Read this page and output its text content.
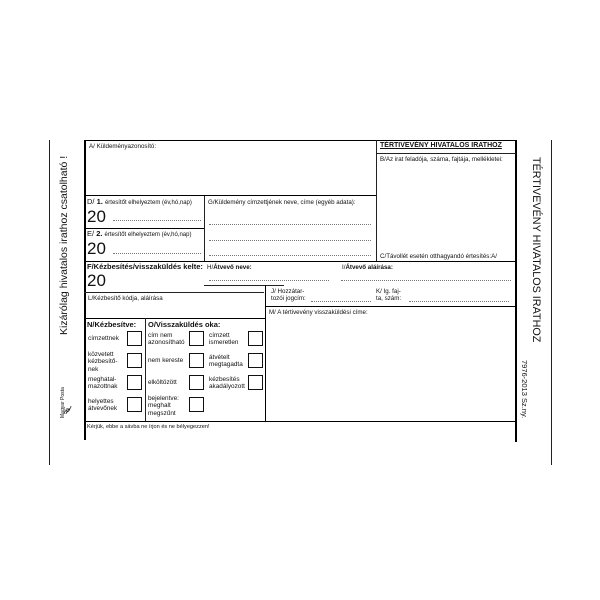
Kizárólag hivatalos irathoz csatolható !
Magyar Posta
TÉRTIVEVÉNY HIVATALOS IRATHOZ
7976-2013 Sz.ny.
A/ Küldeményazonosító:	TÉRTIVEVÉNY HIVATALOS IRATHOZ
B/Az irat feladója, száma, fajtája, mellékletei:
C/Távollét esetén otthagyandó értesítés:A/
D/ 1. értesítőt elhelyeztem (év,hó,nap)
20
E/ 2. értesítőt elhelyeztem (év,hó,nap)
20
G/Küldemény címzettjének neve, címe (egyéb adata):
F/Kézbesítés/visszaküldés kelte:
20
H/Átvevő neve:	I/Átvevő aláírása:
J/ Hozzátar-
tozói jogcím:
K/ Ig. faj-
ta, szám:
L/Kézbesítő kódja, aláírása
M/ A tértivevény visszaküldési címe:
N/Kézbesítve: O/Visszaküldés oka:
Kérjük, ebbe a sávba ne írjon és ne bélyegezzen!
címzettnek
közvetett
kézbesítő-
nek
meghatal-
mazottnak
helyettes
átvevőnek
cím nem
azonosítható
nem kereste
elköltözött
bejelentve:
meghalt
megszűnt
címzett
ismeretlen
átvételt
megtagadta
kézbesítés
akadályozott
